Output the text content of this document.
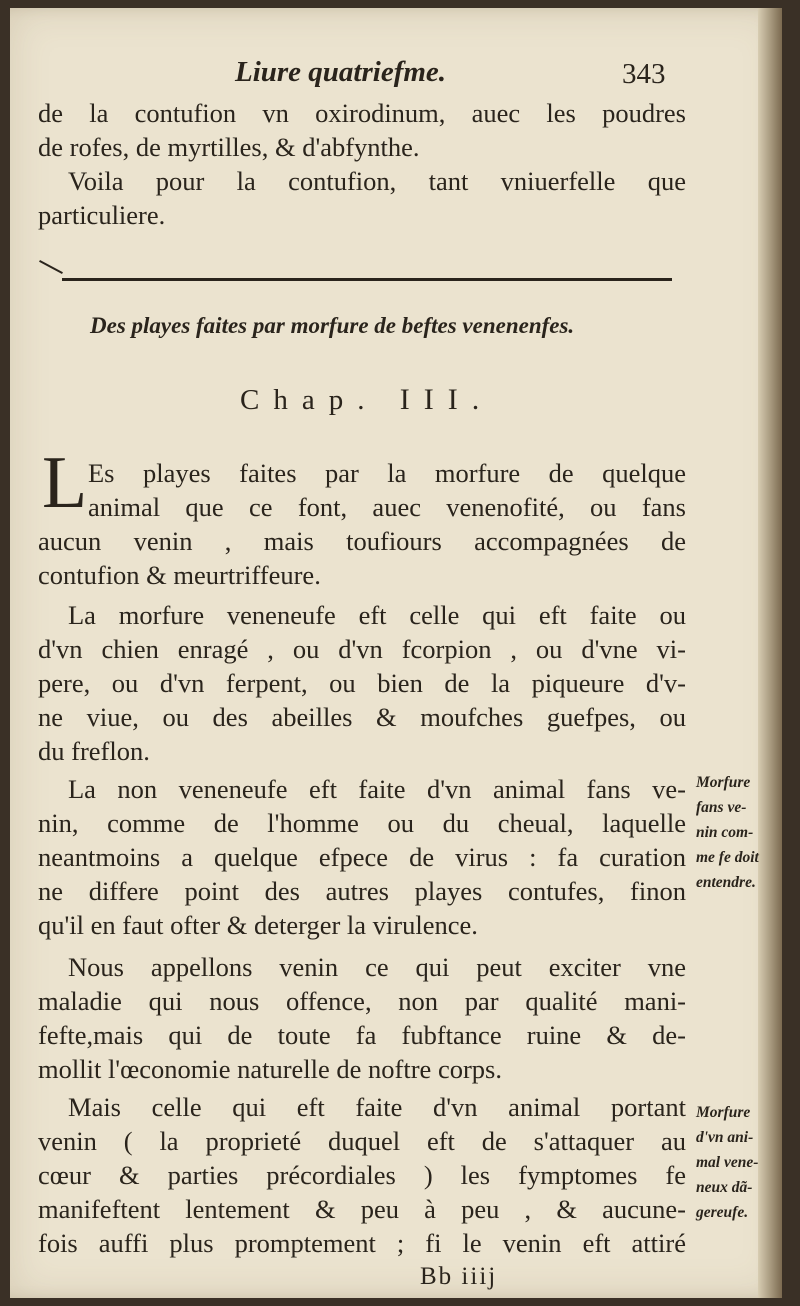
Liure quatriefme.	343

de la contufion vn oxirodinum, auec les poudres
de rofes, de myrtilles, & d'abfynthe.

Voila pour la contufion, tant vniuerfelle que
particuliere.

Des playes faites par morfure de beftes venenenfes.
Chap. III.
L Es playes faites par la morfure de quelque
animal que ce font, auec venenofité, ou fans
aucun venin , mais toufiours accompagnées de
contufion & meurtriffeure.

La morfure veneneufe eft celle qui eft faite ou
d'vn chien enragé , ou d'vn fcorpion , ou d'vne vi-
pere, ou d'vn ferpent, ou bien de la piqueure d'v-
ne viue, ou des abeilles & moufches guefpes, ou
du freflon.

La non veneneufe eft faite d'vn animal fans ve-
nin, comme de l'homme ou du cheual, laquelle
neantmoins a quelque efpece de virus : fa curation
ne differe point des autres playes contufes, finon
qu'il en faut ofter & deterger la virulence.

Nous appellons venin ce qui peut exciter vne
maladie qui nous offence, non par qualité mani-
fefte,mais qui de toute fa fubftance ruine & de-
mollit l'œconomie naturelle de noftre corps.

Mais celle qui eft faite d'vn animal portant
venin ( la proprieté duquel eft de s'attaquer au
cœur & parties précordiales ) les fymptomes fe
manifeftent lentement & peu à peu , & aucune-
fois auffi plus promptement ; fi le venin eft attiré

Morfure
fans ve-
nin com-
me fe doit
entendre.
Morfure
d'vn ani-
mal vene-
neux dã-
gereufe.
Bb iiij
